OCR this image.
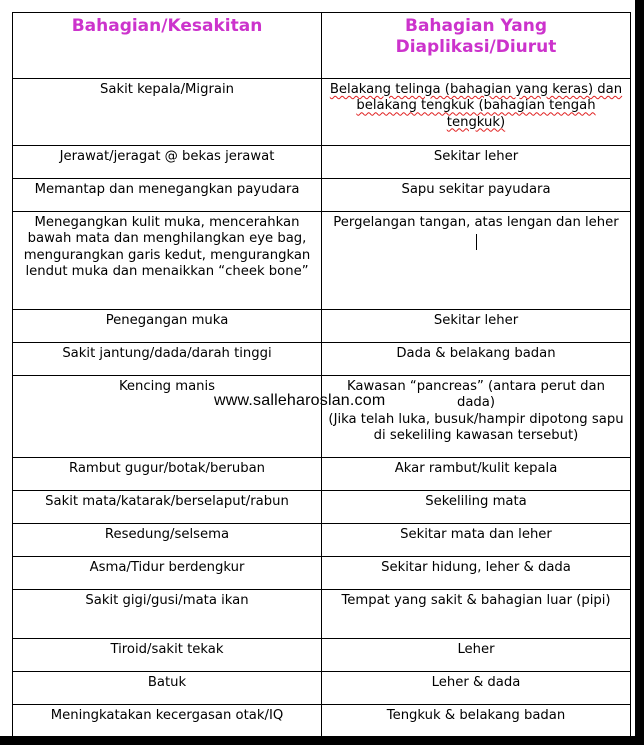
Bahagian/Kesakitan	Bahagian Yang Diaplikasi/Diurut
Sakit kepala/Migrain	Belakang telinga (bahagian yang keras) dan belakang tengkuk (bahagian tengah tengkuk)
Jerawat/jeragat @ bekas jerawat	Sekitar leher
Memantap dan menegangkan payudara	Sapu sekitar payudara
Menegangkan kulit muka, mencerahkan bawah mata dan menghilangkan eye bag, mengurangkan garis kedut, mengurangkan lendut muka dan menaikkan “cheek bone”	Pergelangan tangan, atas lengan dan leher

Penegangan muka	Sekitar leher
Sakit jantung/dada/darah tinggi	Dada & belakang badan
Kencing manis	Kawasan “pancreas” (antara perut dan dada)
(Jika telah luka, busuk/hampir dipotong sapu di sekeliling kawasan tersebut)
Rambut gugur/botak/beruban	Akar rambut/kulit kepala
Sakit mata/katarak/berselaput/rabun	Sekeliling mata
Resedung/selsema	Sekitar mata dan leher
Asma/Tidur berdengkur	Sekitar hidung, leher & dada
Sakit gigi/gusi/mata ikan	Tempat yang sakit & bahagian luar (pipi)
Tiroid/sakit tekak	Leher
Batuk	Leher & dada
Meningkatakan kecergasan otak/IQ	Tengkuk & belakang badan
www.salleharoslan.com
